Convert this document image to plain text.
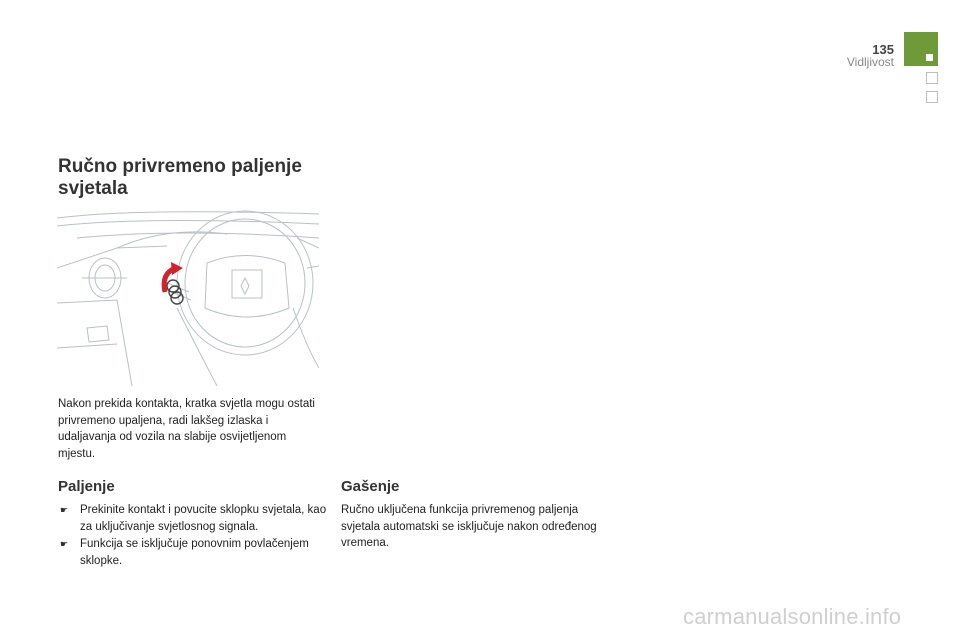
135
Vidljivost
Ručno privremeno paljenje svjetala

Nakon prekida kontakta, kratka svjetla mogu ostati privremeno upaljena, radi lakšeg izlaska i udaljavanja od vozila na slabije osvijetljenom mjestu.

Paljenje
☛ Prekinite kontakt i povucite sklopku svjetala, kao za uključivanje svjetlosnog signala.
☛ Funkcija se isključuje ponovnim povlačenjem sklopke.
Gašenje

Ručno uključena funkcija privremenog paljenja svjetala automatski se isključuje nakon određenog vremena.

carmanualsonline.info
